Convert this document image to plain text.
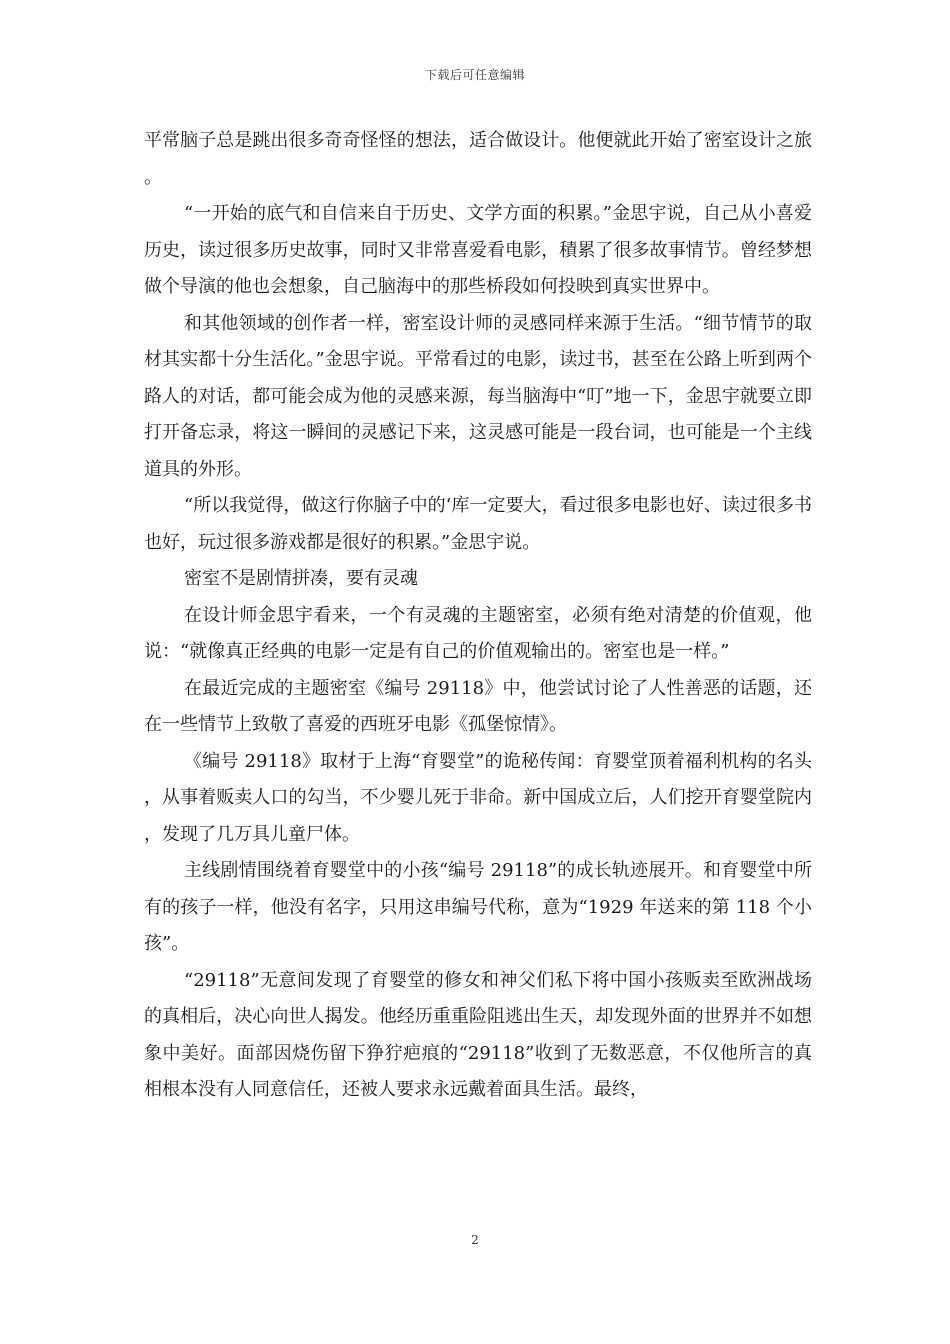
下载后可任意编辑

平常脑子总是跳出很多奇奇怪怪的想法，适合做设计。他便就此开始了密室设计之旅。

“一开始的底气和自信来自于历史、文学方面的积累。”金思宇说，自己从小喜爱历史，读过很多历史故事，同时又非常喜爱看电影，積累了很多故事情节。曾经梦想做个导演的他也会想象，自己脑海中的那些桥段如何投映到真实世界中。

和其他领域的创作者一样，密室设计师的灵感同样来源于生活。“细节情节的取材其实都十分生活化。”金思宇说。平常看过的电影，读过书，甚至在公路上听到两个路人的对话，都可能会成为他的灵感来源，每当脑海中“叮”地一下，金思宇就要立即打开备忘录，将这一瞬间的灵感记下来，这灵感可能是一段台词，也可能是一个主线道具的外形。

“所以我觉得，做这行你脑子中的‘库一定要大，看过很多电影也好、读过很多书也好，玩过很多游戏都是很好的积累。”金思宇说。

密室不是剧情拼凑，要有灵魂

在设计师金思宇看来，一个有灵魂的主题密室，必须有绝对清楚的价值观，他说：“就像真正经典的电影一定是有自己的价值观输出的。密室也是一样。”

在最近完成的主题密室《编号 29118》中，他尝试讨论了人性善恶的话题，还在一些情节上致敬了喜爱的西班牙电影《孤堡惊情》。

《编号 29118》取材于上海“育婴堂”的诡秘传闻：育婴堂顶着福利机构的名头，从事着贩卖人口的勾当，不少婴儿死于非命。新中国成立后，人们挖开育婴堂院内，发现了几万具儿童尸体。

主线剧情围绕着育婴堂中的小孩“编号 29118”的成长轨迹展开。和育婴堂中所有的孩子一样，他没有名字，只用这串编号代称，意为“1929 年送来的第 118 个小孩”。

“29118”无意间发现了育婴堂的修女和神父们私下将中国小孩贩卖至欧洲战场的真相后，决心向世人揭发。他经历重重险阻逃出生天，却发现外面的世界并不如想象中美好。面部因烧伤留下狰狞疤痕的“29118”收到了无数恶意，不仅他所言的真相根本没有人同意信任，还被人要求永远戴着面具生活。最终，

2
